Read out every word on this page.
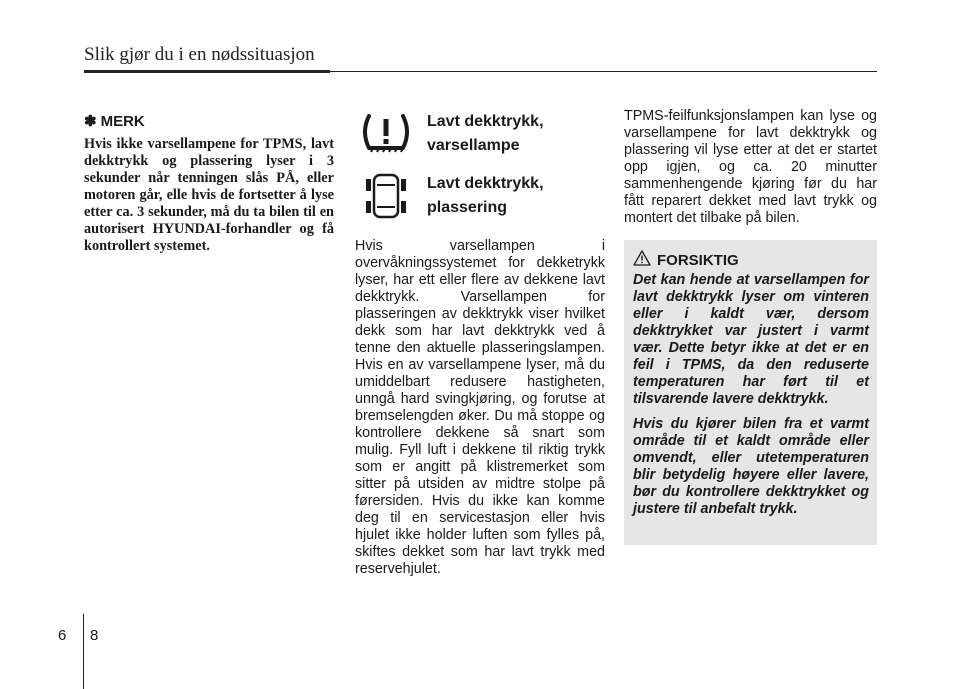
Slik gjør du i en nødssituasjon
✽ MERK

Hvis ikke varsellampene for TPMS, lavt dekktrykk og plassering lyser i 3 sekunder når tenningen slås PÅ, eller motoren går, elle hvis de fortsetter å lyse etter ca. 3 sekunder, må du ta bilen til en autorisert HYUNDAI-forhandler og få kontrollert systemet.

Lavt dekktrykk,
varsellampe
Lavt dekktrykk,
plassering

Hvis varsellampen i overvåkningssystemet for dekketrykk lyser, har ett eller flere av dekkene lavt dekktrykk. Varsellampen for plasseringen av dekktrykk viser hvilket dekk som har lavt dekktrykk ved å tenne den aktuelle plasseringslampen. Hvis en av varsellampene lyser, må du umiddelbart redusere hastigheten, unngå hard svingkjøring, og forutse at bremselengden øker. Du må stoppe og kontrollere dekkene så snart som mulig. Fyll luft i dekkene til riktig trykk som er angitt på klistremerket som sitter på utsiden av midtre stolpe på førersiden. Hvis du ikke kan komme deg til en servicestasjon eller hvis hjulet ikke holder luften som fylles på, skiftes dekket som har lavt trykk med reservehjulet.

TPMS-feilfunksjonslampen kan lyse og varsellampene for lavt dekktrykk og plassering vil lyse etter at det er startet opp igjen, og ca. 20 minutter sammenhengende kjøring før du har fått reparert dekket med lavt trykk og montert det tilbake på bilen.

FORSIKTIG

Det kan hende at varsellampen for lavt dekktrykk lyser om vinteren eller i kaldt vær, dersom dekktrykket var justert i varmt vær. Dette betyr ikke at det er en feil i TPMS, da den reduserte temperaturen har ført til et tilsvarende lavere dekktrykk.

Hvis du kjører bilen fra et varmt område til et kaldt område eller omvendt, eller utetemperaturen blir betydelig høyere eller lavere, bør du kontrollere dekktrykket og justere til anbefalt trykk.

6 8
